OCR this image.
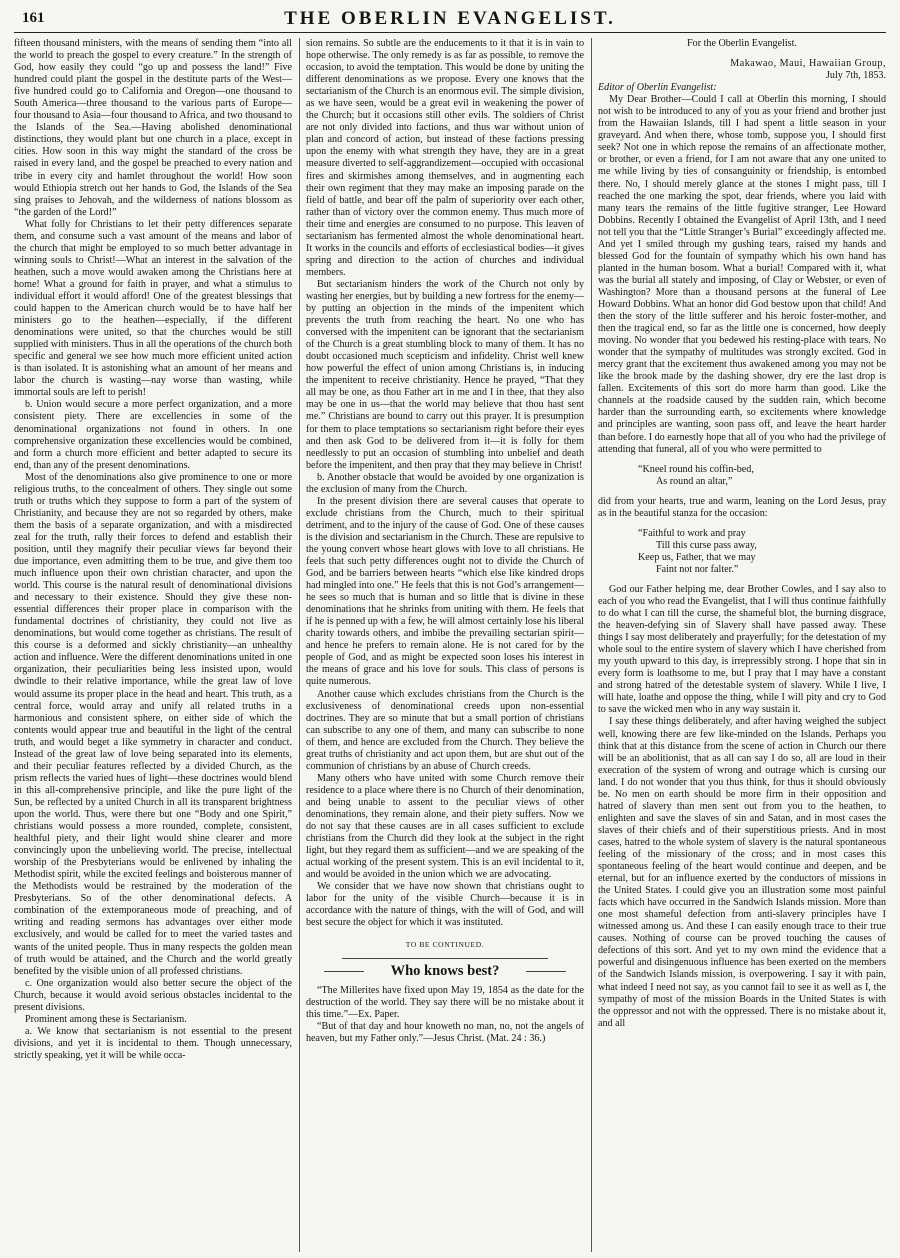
161	THE OBERLIN EVANGELIST.

fifteen thousand ministers, with the means of sending them “into all the world to preach the gospel to every creature.” In the strength of God, how easily they could “go up and possess the land!” Five hundred could plant the gospel in the destitute parts of the West—five hundred could go to California and Oregon—one thousand to South America—three thousand to the various parts of Europe—four thousand to Asia—four thousand to Africa, and two thousand to the Islands of the Sea.—Having abolished denominational distinctions, they would plant but one church in a place, except in cities. How soon in this way might the standard of the cross be raised in every land, and the gospel be preached to every nation and tribe in every city and hamlet throughout the world! How soon would Ethiopia stretch out her hands to God, the Islands of the Sea sing praises to Jehovah, and the wilderness of nations blossom as “the garden of the Lord!”

What folly for Christians to let their petty differences separate them, and consume such a vast amount of the means and labor of the church that might be employed to so much better advantage in winning souls to Christ!—What an interest in the salvation of the heathen, such a move would awaken among the Christians here at home! What a ground for faith in prayer, and what a stimulus to individual effort it would afford! One of the greatest blessings that could happen to the American church would be to have half her ministers go to the heathen—especially, if the different denominations were united, so that the churches would be still supplied with ministers. Thus in all the operations of the church both specific and general we see how much more efficient united action is than isolated. It is astonishing what an amount of her means and labor the church is wasting—nay worse than wasting, while immortal souls are left to perish!

b. Union would secure a more perfect organization, and a more consistent piety. There are excellencies in some of the denominational organizations not found in others. In one comprehensive organization these excellencies would be combined, and form a church more efficient and better adapted to secure its end, than any of the present denominations.

Most of the denominations also give prominence to one or more religious truths, to the concealment of others. They single out some truth or truths which they suppose to form a part of the system of Christianity, and because they are not so regarded by others, make them the basis of a separate organization, and with a misdirected zeal for the truth, rally their forces to defend and establish their position, until they magnify their peculiar views far beyond their due importance, even admitting them to be true, and give them too much influence upon their own christian character, and upon the world. This course is the natural result of denominational divisions and necessary to their existence. Should they give these non-essential differences their proper place in comparison with the fundamental doctrines of christianity, they could not live as denominations, but would come together as christians. The result of this course is a deformed and sickly christianity—an unhealthy action and influence. Were the different denominations united in one organization, their peculiarities being less insisted upon, would dwindle to their relative importance, while the great law of love would assume its proper place in the head and heart. This truth, as a central force, would array and unify all related truths in a harmonious and consistent sphere, on either side of which the contents would appear true and beautiful in the light of the central truth, and would beget a like symmetry in character and conduct. Instead of the great law of love being separated into its elements, and their peculiar features reflected by a divided Church, as the prism reflects the varied hues of light—these doctrines would blend in this all-comprehensive principle, and like the pure light of the Sun, be reflected by a united Church in all its transparent brightness upon the world. Thus, were there but one “Body and one Spirit,” christians would possess a more rounded, complete, consistent, healthful piety, and their light would shine clearer and more convincingly upon the unbelieving world. The precise, intellectual worship of the Presbyterians would be enlivened by inhaling the Methodist spirit, while the excited feelings and boisterous manner of the Methodists would be restrained by the moderation of the Presbyterians. So of the other denominational defects. A combination of the extemporaneous mode of preaching, and of writing and reading sermons has advantages over either mode exclusively, and would be called for to meet the varied tastes and wants of the united people. Thus in many respects the golden mean of truth would be attained, and the Church and the world greatly benefited by the visible union of all professed christians.

c. One organization would also better secure the object of the Church, because it would avoid serious obstacles incidental to the present divisions.

Prominent among these is Sectarianism.

a. We know that sectarianism is not essential to the present divisions, and yet it is incidental to them. Though unnecessary, strictly speaking, yet it will be while occa-

sion remains. So subtle are the enducements to it that it is in vain to hope otherwise. The only remedy is as far as possible, to remove the occasion, to avoid the temptation. This would be done by uniting the different denominations as we propose. Every one knows that the sectarianism of the Church is an enormous evil. The simple division, as we have seen, would be a great evil in weakening the power of the Church; but it occasions still other evils. The soldiers of Christ are not only divided into factions, and thus war without union of plan and concord of action, but instead of these factions pressing upon the enemy with what strength they have, they are in a great measure diverted to self-aggrandizement—occupied with occasional fires and skirmishes among themselves, and in augmenting each their own regiment that they may make an imposing parade on the field of battle, and bear off the palm of superiority over each other, rather than of victory over the common enemy. Thus much more of their time and energies are consumed to no purpose. This leaven of sectarianism has fermented almost the whole denominational heart. It works in the councils and efforts of ecclesiastical bodies—it gives spring and direction to the action of churches and individual members.

But sectarianism hinders the work of the Church not only by wasting her energies, but by building a new fortress for the enemy—by putting an objection in the minds of the impenitent which prevents the truth from reaching the heart. No one who has conversed with the impenitent can be ignorant that the sectarianism of the Church is a great stumbling block to many of them. It has no doubt occasioned much scepticism and infidelity. Christ well knew how powerful the effect of union among Christians is, in inducing the impenitent to receive christianity. Hence he prayed, “That they all may be one, as thou Father art in me and I in thee, that they also may be one in us—that the world may believe that thou hast sent me.” Christians are bound to carry out this prayer. It is presumption for them to place temptations so sectarianism right before their eyes and then ask God to be delivered from it—it is folly for them needlessly to put an occasion of stumbling into unbelief and death before the impenitent, and then pray that they may believe in Christ!

b. Another obstacle that would be avoided by one organization is the exclusion of many from the Church.

In the present division there are several causes that operate to exclude christians from the Church, much to their spiritual detriment, and to the injury of the cause of God. One of these causes is the division and sectarianism in the Church. These are repulsive to the young convert whose heart glows with love to all christians. He feels that such petty differences ought not to divide the Church of God, and be barriers between hearts “which else like kindred drops had mingled into one.” He feels that this is not God’s arrangement—he sees so much that is human and so little that is divine in these denominations that he shrinks from uniting with them. He feels that if he is penned up with a few, he will almost certainly lose his liberal charity towards others, and imbibe the prevailing sectarian spirit—and hence he prefers to remain alone. He is not cared for by the people of God, and as might be expected soon loses his interest in the means of grace and his love for souls. This class of persons is quite numerous.

Another cause which excludes christians from the Church is the exclusiveness of denominational creeds upon non-essential doctrines. They are so minute that but a small portion of christians can subscribe to any one of them, and many can subscribe to none of them, and hence are excluded from the Church. They believe the great truths of christianity and act upon them, but are shut out of the communion of christians by an abuse of Church creeds.

Many others who have united with some Church remove their residence to a place where there is no Church of their denomination, and being unable to assent to the peculiar views of other denominations, they remain alone, and their piety suffers. Now we do not say that these causes are in all cases sufficient to exclude christians from the Church did they look at the subject in the right light, but they regard them as sufficient—and we are speaking of the actual working of the present system. This is an evil incidental to it, and would be avoided in the union which we are advocating.

We consider that we have now shown that christians ought to labor for the unity of the visible Church—because it is in accordance with the nature of things, with the will of God, and will best secure the object for which it was instituted.

TO BE CONTINUED.
Who knows best?

“The Millerites have fixed upon May 19, 1854 as the date for the destruction of the world. They say there will be no mistake about it this time.”—Ex. Paper.

“But of that day and hour knoweth no man, no, not the angels of heaven, but my Father only.”—Jesus Christ. (Mat. 24 : 36.)

For the Oberlin Evangelist.

Makawao, Maui, Hawaiian Group,

July 7th, 1853.

Editor of Oberlin Evangelist:

My Dear Brother—Could I call at Oberlin this morning, I should not wish to be introduced to any of you as your friend and brother just from the Hawaiian Islands, till I had spent a little season in your graveyard. And when there, whose tomb, suppose you, I should first seek? Not one in which repose the remains of an affectionate mother, or brother, or even a friend, for I am not aware that any one united to me while living by ties of consanguinity or friendship, is entombed there. No, I should merely glance at the stones I might pass, till I reached the one marking the spot, dear friends, where you laid with many tears the remains of the little fugitive stranger, Lee Howard Dobbins. Recently I obtained the Evangelist of April 13th, and I need not tell you that the “Little Stranger’s Burial” exceedingly affected me. And yet I smiled through my gushing tears, raised my hands and blessed God for the fountain of sympathy which his own hand has planted in the human bosom. What a burial! Compared with it, what was the burial all stately and imposing, of Clay or Webster, or even of Washington? More than a thousand persons at the funeral of Lee Howard Dobbins. What an honor did God bestow upon that child! And then the story of the little sufferer and his heroic foster-mother, and then the tragical end, so far as the little one is concerned, how deeply moving. No wonder that you bedewed his resting-place with tears. No wonder that the sympathy of multitudes was strongly excited. God in mercy grant that the excitement thus awakened among you may not be like the brook made by the dashing shower, dry ere the last drop is fallen. Excitements of this sort do more harm than good. Like the channels at the roadside caused by the sudden rain, which become harder than the surrounding earth, so excitements where knowledge and principles are wanting, soon pass off, and leave the heart harder than before. I do earnestly hope that all of you who had the privilege of attending that funeral, all of you who were permitted to

“Kneel round his coffin-bed,
As round an altar,”

did from your hearts, true and warm, leaning on the Lord Jesus, pray as in the beautiful stanza for the occasion:

“Faithful to work and pray
Till this curse pass away,
Keep us, Father, that we may
Faint not nor falter.”

God our Father helping me, dear Brother Cowles, and I say also to each of you who read the Evangelist, that I will thus continue faithfully to do what I can till the curse, the shameful blot, the burning disgrace, the heaven-defying sin of Slavery shall have passed away. These things I say most deliberately and prayerfully; for the detestation of my whole soul to the entire system of slavery which I have cherished from my youth upward to this day, is irrepressibly strong. I hope that sin in every form is loathsome to me, but I pray that I may have a constant and strong hatred of the detestable system of slavery. While I live, I will hate, loathe and oppose the thing, while I will pity and cry to God to save the wicked men who in any way sustain it.

I say these things deliberately, and after having weighed the subject well, knowing there are few like-minded on the Islands. Perhaps you think that at this distance from the scene of action in Church our there will be an abolitionist, that as all can say I do so, all are loud in their execration of the system of wrong and outrage which is cursing our land. I do not wonder that you thus think, for thus it should obviously be. No men on earth should be more firm in their opposition and hatred of slavery than men sent out from you to the heathen, to enlighten and save the slaves of sin and Satan, and in most cases the slaves of their chiefs and of their superstitious priests. And in most cases, hatred to the whole system of slavery is the natural spontaneous feeling of the missionary of the cross; and in most cases this spontaneous feeling of the heart would continue and deepen, and be eternal, but for an influence exerted by the conductors of missions in the United States. I could give you an illustration some most painful facts which have occurred in the Sandwich Islands mission. More than one most shameful defection from anti-slavery principles have I witnessed among us. And these I can easily enough trace to their true causes. Nothing of course can be proved touching the causes of defections of this sort. And yet to my own mind the evidence that a powerful and disingenuous influence has been exerted on the members of the Sandwich Islands mission, is overpowering. I say it with pain, what indeed I need not say, as you cannot fail to see it as well as I, the sympathy of most of the mission Boards in the United States is with the oppressor and not with the oppressed. There is no mistake about it, and all
